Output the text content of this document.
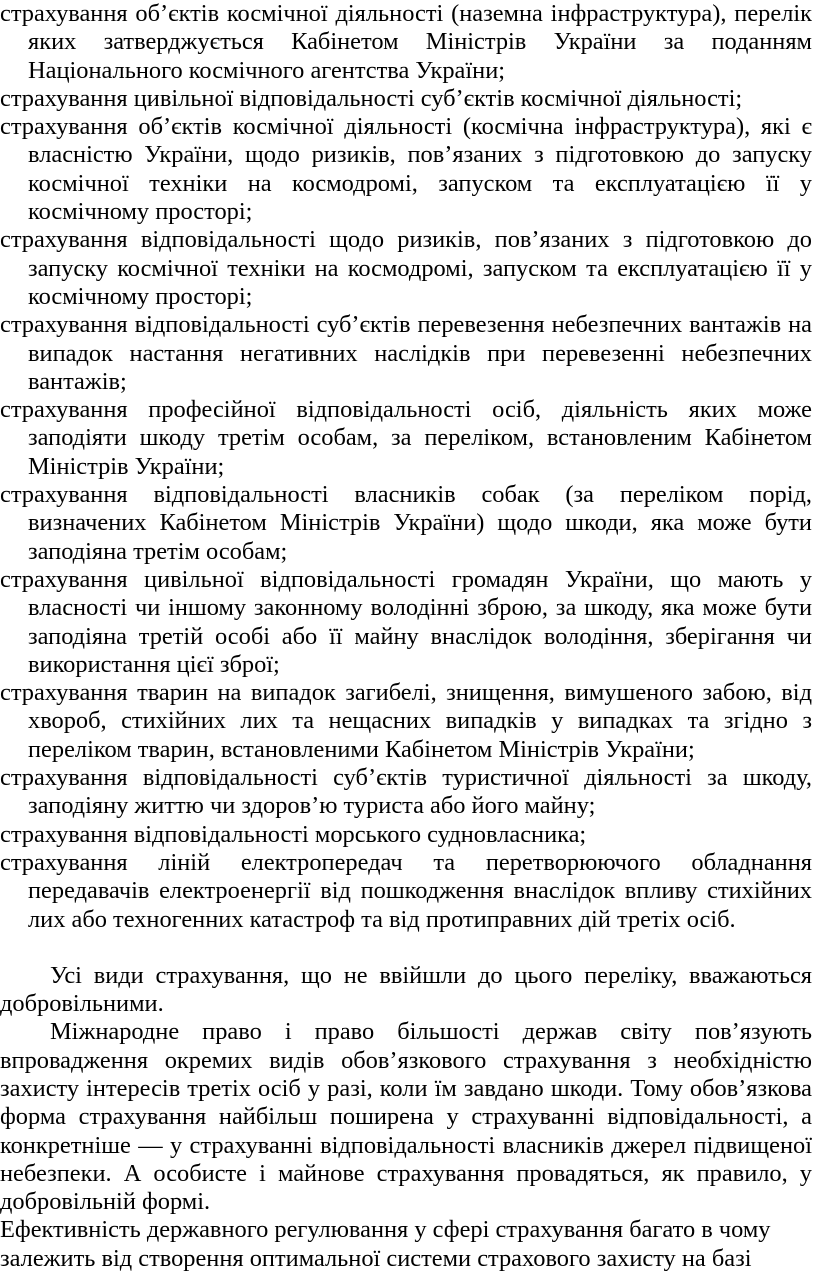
страхування об’єктів космічної діяльності (наземна інфраструктура), перелік яких затверджується Кабінетом Міністрів України за поданням Національного космічного агентства України;

страхування цивільної відповідальності суб’єктів космічної діяльності;

страхування об’єктів космічної діяльності (космічна інфраструктура), які є власністю України, щодо ризиків, пов’язаних з підготовкою до запуску космічної техніки на космодромі, запуском та експлуатацією її у космічному просторі;

страхування відповідальності щодо ризиків, пов’язаних з підготовкою до запуску космічної техніки на космодромі, запуском та експлуатацією її у космічному просторі;

страхування відповідальності суб’єктів перевезення небезпечних вантажів на випадок настання негативних наслідків при перевезенні небезпечних вантажів;

страхування професійної відповідальності осіб, діяльність яких може заподіяти шкоду третім особам, за переліком, встановленим Кабінетом Міністрів України;

страхування відповідальності власників собак (за переліком порід, визначених Кабінетом Міністрів України) щодо шкоди, яка може бути заподіяна третім особам;

страхування цивільної відповідальності громадян України, що мають у власності чи іншому законному володінні зброю, за шкоду, яка може бути заподіяна третій особі або її майну внаслідок володіння, зберігання чи використання цієї зброї;

страхування тварин на випадок загибелі, знищення, вимушеного забою, від хвороб, стихійних лих та нещасних випадків у випадках та згідно з переліком тварин, встановленими Кабінетом Міністрів України;

страхування відповідальності суб’єктів туристичної діяльності за шкоду, заподіяну життю чи здоров’ю туриста або його майну;

страхування відповідальності морського судновласника;

страхування ліній електропередач та перетворюючого обладнання передавачів електроенергії від пошкодження внаслідок впливу стихійних лих або техногенних катастроф та від протиправних дій третіх осіб.

Усі види страхування, що не ввійшли до цього переліку, вважаються добровільними.

Міжнародне право і право більшості держав світу пов’язують впровадження окремих видів обов’язкового страхування з необхідністю захисту інтересів третіх осіб у разі, коли їм завдано шкоди. Тому обов’язкова форма страхування найбільш поширена у страхуванні відповідальності, а конкретніше — у страхуванні відповідальності власників джерел підвищеної небезпеки. А особисте і майнове страхування провадяться, як правило, у добровільній формі.

Ефективність державного регулювання у сфері страхування багато в чому залежить від створення оптимальної системи страхового захисту на базі
